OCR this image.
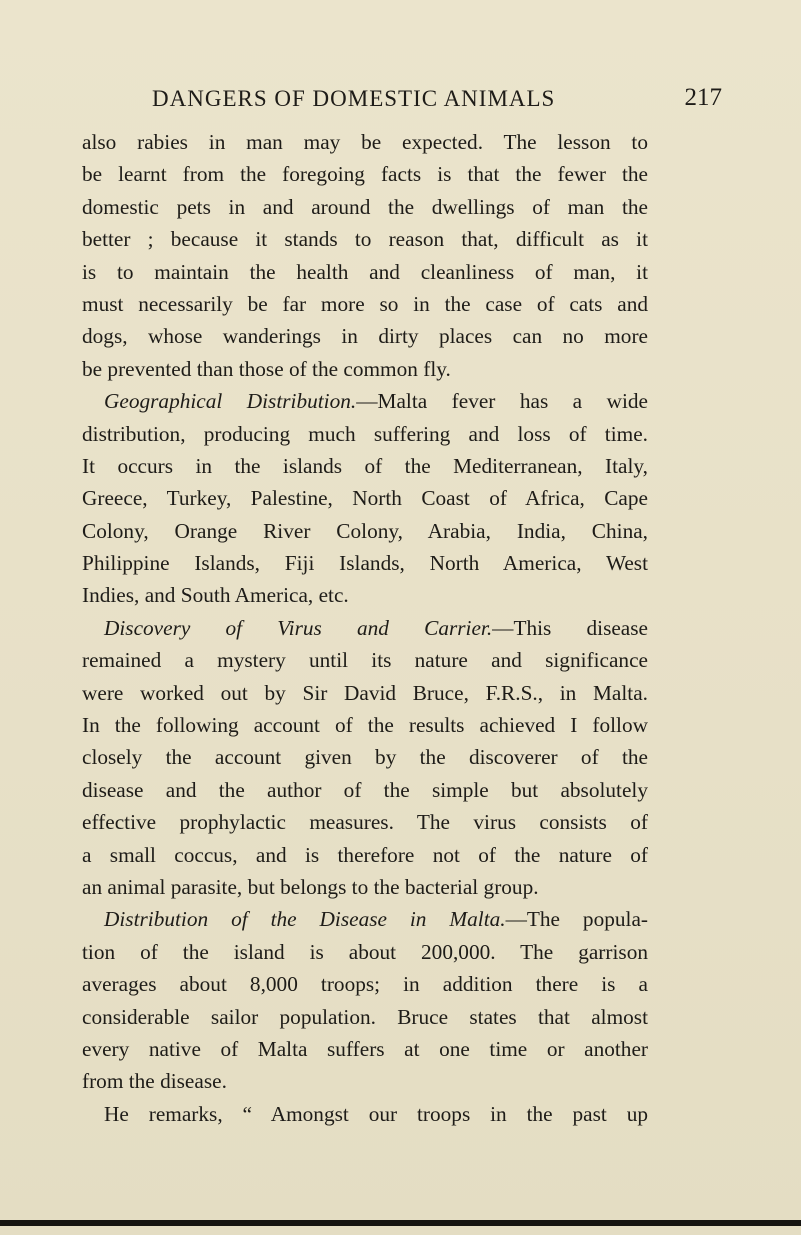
DANGERS OF DOMESTIC ANIMALS	217
also rabies in man may be expected. The lesson to
be learnt from the foregoing facts is that the fewer the
domestic pets in and around the dwellings of man the
better ; because it stands to reason that, difficult as it
is to maintain the health and cleanliness of man, it
must necessarily be far more so in the case of cats and
dogs, whose wanderings in dirty places can no more
be prevented than those of the common fly.
Geographical Distribution.—Malta fever has a wide
distribution, producing much suffering and loss of time.
It occurs in the islands of the Mediterranean, Italy,
Greece, Turkey, Palestine, North Coast of Africa, Cape
Colony, Orange River Colony, Arabia, India, China,
Philippine Islands, Fiji Islands, North America, West
Indies, and South America, etc.
Discovery of Virus and Carrier.—This disease
remained a mystery until its nature and significance
were worked out by Sir David Bruce, F.R.S., in Malta.
In the following account of the results achieved I follow
closely the account given by the discoverer of the
disease and the author of the simple but absolutely
effective prophylactic measures. The virus consists of
a small coccus, and is therefore not of the nature of
an animal parasite, but belongs to the bacterial group.
Distribution of the Disease in Malta.—The popula-
tion of the island is about 200,000. The garrison
averages about 8,000 troops; in addition there is a
considerable sailor population. Bruce states that almost
every native of Malta suffers at one time or another
from the disease.
He remarks, “ Amongst our troops in the past up
